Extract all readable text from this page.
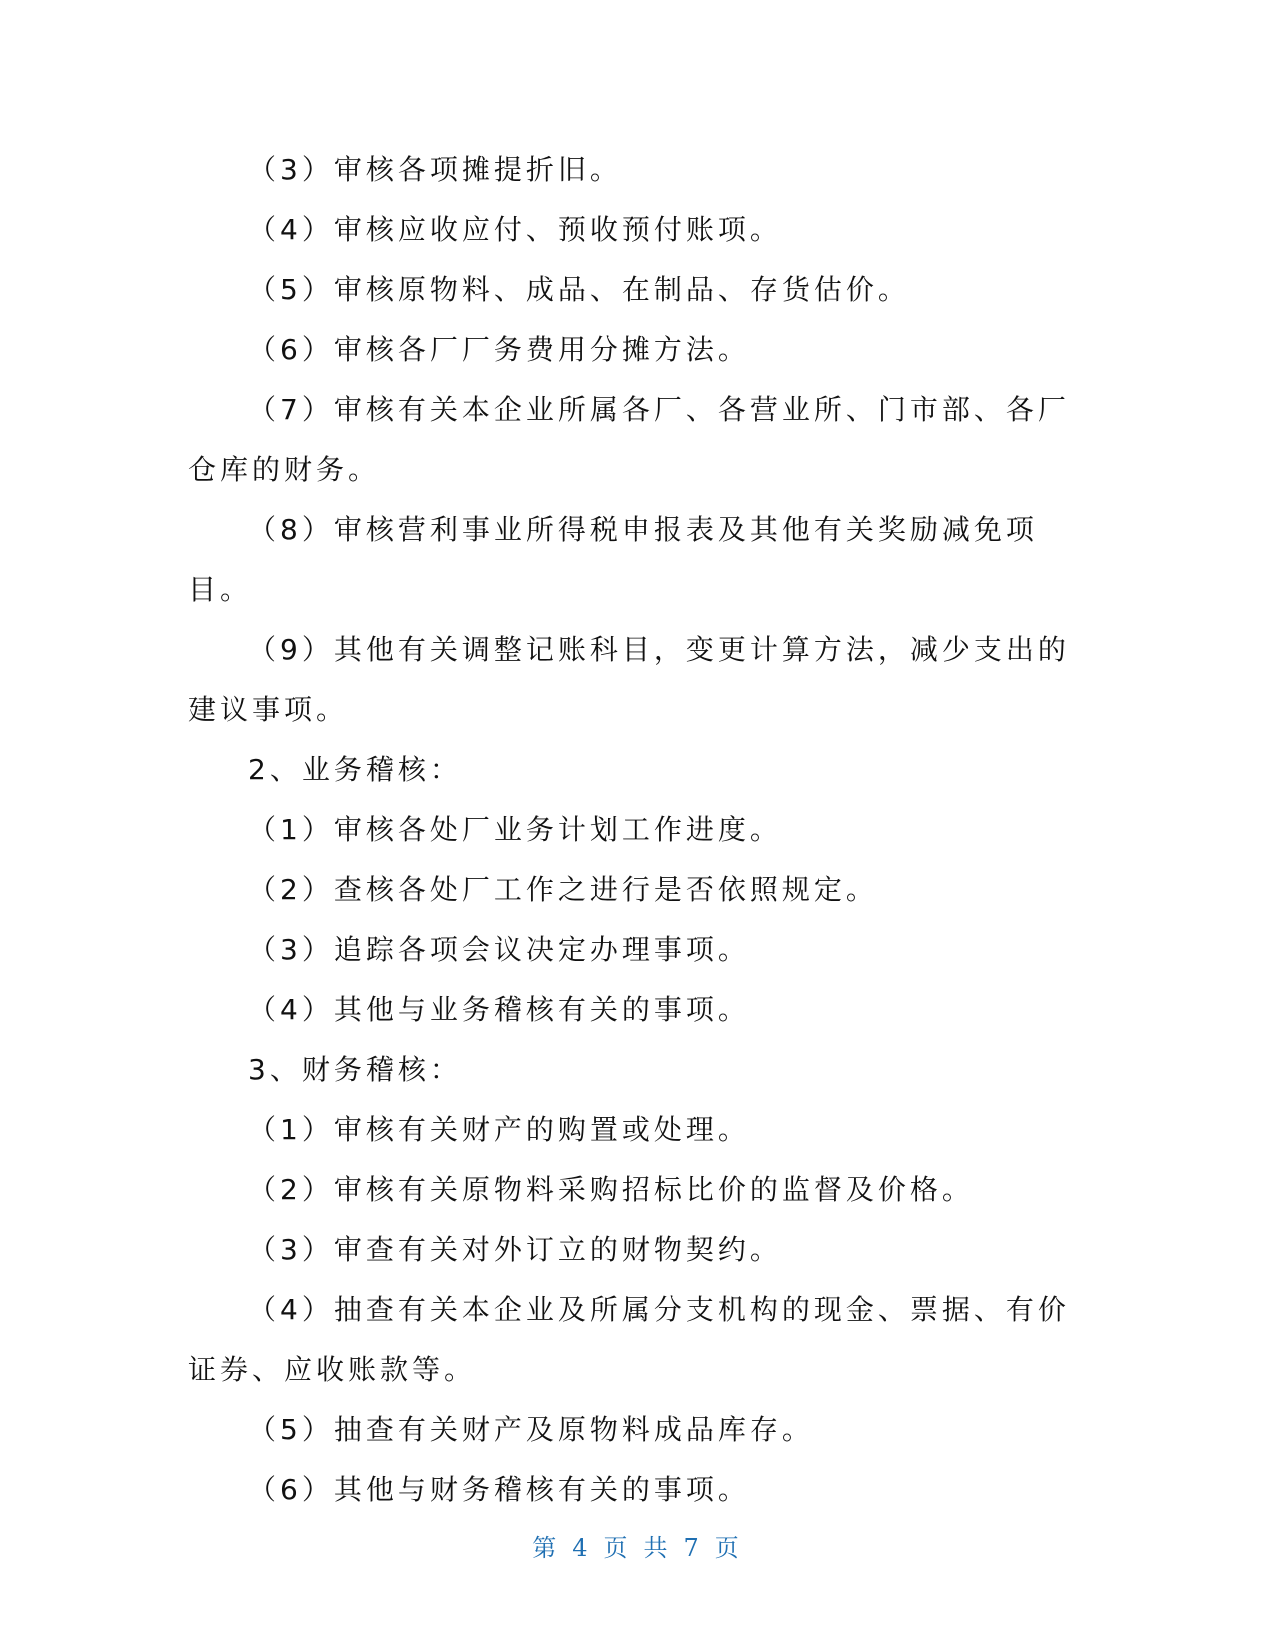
（3）审核各项摊提折旧。

（4）审核应收应付、预收预付账项。

（5）审核原物料、成品、在制品、存货估价。

（6）审核各厂厂务费用分摊方法。

（7）审核有关本企业所属各厂、各营业所、门市部、各厂仓库的财务。

（8）审核营利事业所得税申报表及其他有关奖励减免项目。

（9）其他有关调整记账科目，变更计算方法，减少支出的建议事项。

2、业务稽核：

（1）审核各处厂业务计划工作进度。

（2）查核各处厂工作之进行是否依照规定。

（3）追踪各项会议决定办理事项。

（4）其他与业务稽核有关的事项。

3、财务稽核：

（1）审核有关财产的购置或处理。

（2）审核有关原物料采购招标比价的监督及价格。

（3）审查有关对外订立的财物契约。

（4）抽查有关本企业及所属分支机构的现金、票据、有价证券、应收账款等。

（5）抽查有关财产及原物料成品库存。

（6）其他与财务稽核有关的事项。

第 4 页 共 7 页
